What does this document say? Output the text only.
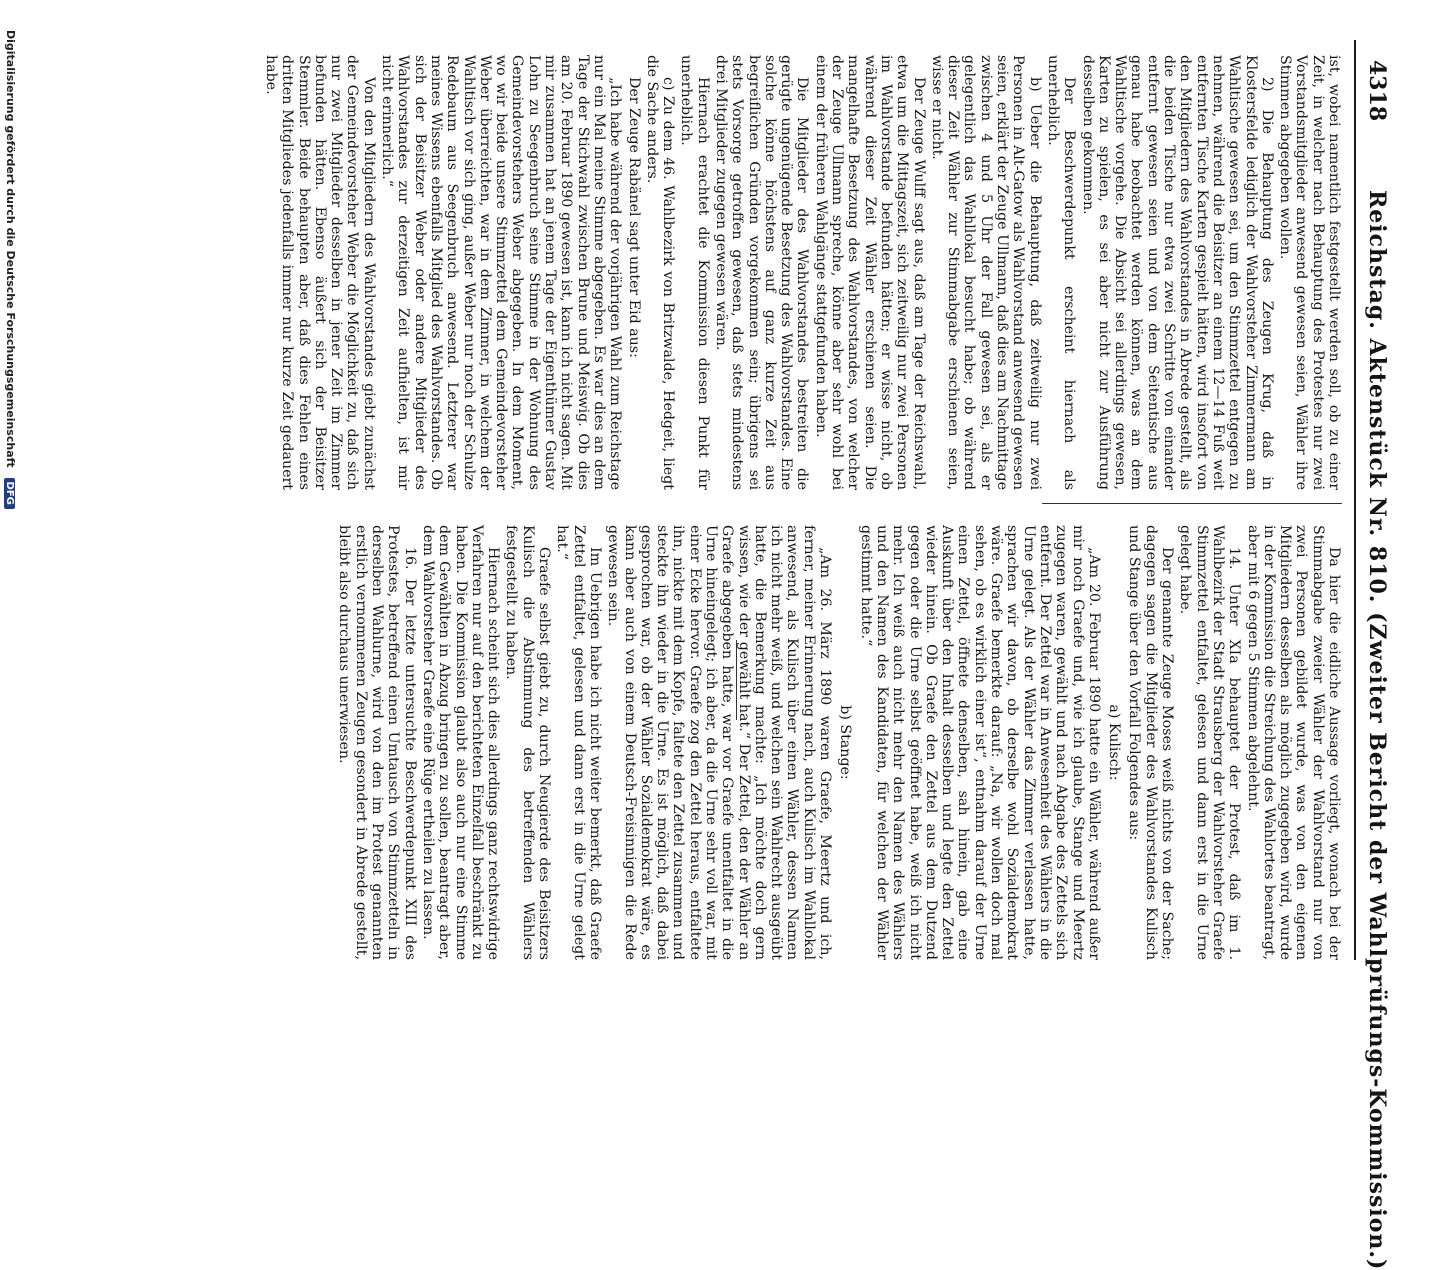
4318
Reichstag. Aktenstück Nr. 810. (Zweiter Bericht der Wahlprüfungs-Kommission.)

ist, wobei namentlich festgestellt werden soll, ob zu einer Zeit, in welcher nach Behauptung des Protestes nur zwei Vorstandsmitglieder anwesend gewesen seien, Wähler ihre Stimmen abgegeben wollen.

2) Die Behauptung des Zeugen Krug, daß in Klostersfelde lediglich der Wahlvorsteher Zimmermann am Wahltische gewesen sei, um den Stimmzettel entgegen zu nehmen, während die Beisitzer an einem 12—14 Fuß weit entfernten Tische Karten gespielt hätten, wird insofort von den Mitgliedern des Wahlvorstandes in Abrede gestellt, als die beiden Tische nur etwa zwei Schritte von einander entfernt gewesen seien und von dem Seitentische aus genau habe beobachtet werden können, was an dem Wahltische vorgehe. Die Absicht sei allerdings gewesen, Karten zu spielen, es sei aber nicht zur Ausführung desselben gekommen.

Der Beschwerdepunkt erscheint hiernach als unerheblich.

b) Ueber die Behauptung, daß zeitweilig nur zwei Personen in Alt-Gatow als Wahlvorstand anwesend gewesen seien, erklärt der Zeuge Ullmann, daß dies am Nachmittage zwischen 4 und 5 Uhr der Fall gewesen sei, als er gelegentlich das Wahllokal besucht habe; ob während dieser Zeit Wähler zur Stimmabgabe erschienen seien, wisse er nicht.

Der Zeuge Wulff sagt aus, daß am Tage der Reichswahl, etwa um die Mittagszeit, sich zeitweilig nur zwei Personen im Wahlvorstande befunden hätten; er wisse nicht, ob während dieser Zeit Wähler erschienen seien. Die mangelhafte Besetzung des Wahlvorstandes, von welcher der Zeuge Ullmann spreche, könne aber sehr wohl bei einem der früheren Wahlgänge stattgefunden haben.

Die Mitglieder des Wahlvorstandes bestreiten die gerügte ungenügende Besetzung des Wahlvorstandes. Eine solche könne höchstens auf ganz kurze Zeit aus begreiflichen Gründen vorgekommen sein; übrigens sei stets Vorsorge getroffen gewesen, daß stets mindestens drei Mitglieder zugegen gewesen wären.

Hiernach erachtet die Kommission diesen Punkt für unerheblich.

c) Zu dem 46. Wahlbezirk von Britzwalde, Hedgeit, liegt die Sache anders.

Der Zeuge Rabänel sagt unter Eid aus:

„Ich habe während der vorjährigen Wahl zum Reichstage nur ein Mal meine Stimme abgegeben. Es war dies an dem Tage der Stichwahl zwischen Brune und Meiswig. Ob dies am 20. Februar 1890 gewesen ist, kann ich nicht sagen. Mit mir zusammen hat an jenem Tage der Eigenthümer Gustav Lohn zu Seegenbruch seine Stimme in der Wohnung des Gemeindevorstehers Weber abgegeben. In dem Moment, wo wir beide unsere Stimmzettel dem Gemeindevorsteher Weber überreichten, war in dem Zimmer, in welchem der Wahltisch vor sich ging, außer Weber nur noch der Schulze Redebaum aus Seegenbruch anwesend. Letzterer war meines Wissens ebenfalls Mitglied des Wahlvorstandes. Ob sich der Beisitzer Weber oder andere Mitglieder des Wahlvorstandes zur derzeitigen Zeit aufhielten, ist mir nicht erinnerlich.“

Von den Mitgliedern des Wahlvorstandes giebt zunächst der Gemeindevorsteher Weber die Möglichkeit zu, daß sich nur zwei Mitglieder desselben in jener Zeit im Zimmer befunden hätten. Ebenso äußert sich der Beisitzer Stemmler. Beide behaupten aber, daß dies Fehlen eines dritten Mitgliedes jedenfalls immer nur kurze Zeit gedauert habe.

Da hier die eidliche Aussage vorliegt, wonach bei der Stimmabgabe zweier Wähler der Wahlvorstand nur von zwei Personen gebildet wurde, was von den eigenen Mitgliedern desselben als möglich zugegeben wird, wurde in der Kommission die Streichung des Wahlortes beantragt, aber mit 6 gegen 5 Stimmen abgelehnt.

14. Unter XIa behauptet der Protest, daß im 1. Wahlbezirk der Stadt Strausberg der Wahlvorsteher Graefe Stimmzettel entfaltet, gelesen und dann erst in die Urne gelegt habe.

Der genannte Zeuge Moses weiß nichts von der Sache; dagegen sagen die Mitglieder des Wahlvorstandes Kulisch und Stange über den Vorfall Folgendes aus:

a) Kulisch:

„Am 20. Februar 1890 hatte ein Wähler, während außer mir noch Graefe und, wie ich glaube, Stange und Meertz zugegen waren, gewählt und nach Abgabe des Zettels sich entfernt. Der Zettel war in Anwesenheit des Wählers in die Urne gelegt. Als der Wähler das Zimmer verlassen hatte, sprachen wir davon, ob derselbe wohl Sozialdemokrat wäre. Graefe bemerkte darauf: „Na, wir wollen doch mal sehen, ob es wirklich einer ist“, entnahm darauf der Urne einen Zettel, öffnete denselben, sah hinein, gab eine Auskunft über den Inhalt desselben und legte den Zettel wieder hinein. Ob Graefe den Zettel aus dem Dutzend gegen oder die Urne selbst geöffnet habe, weiß ich nicht mehr. Ich weiß auch nicht mehr den Namen des Wählers und den Namen des Kandidaten, für welchen der Wähler gestimmt hatte.“

b) Stange:

„Am 26. März 1890 waren Graefe, Meertz und ich, ferner, meiner Erinnerung nach, auch Kulisch im Wahllokal anwesend, als Kulisch über einen Wähler, dessen Namen ich nicht mehr weiß, und welchen sein Wahlrecht ausgeübt hatte, die Bemerkung machte: „Ich möchte doch gern wissen, wie der gewählt hat.“ Der Zettel, den der Wähler an Graefe abgegeben hatte, war vor Graefe unentfaltet in die Urne hineingelegt; ich aber, da die Urne sehr voll war, mit einer Ecke hervor. Graefe zog den Zettel heraus, entfaltete ihn, nickte mit dem Kopfe, faltete den Zettel zusammen und steckte ihn wieder in die Urne. Es ist möglich, daß dabei gesprochen war, ob der Wähler Sozialdemokrat wäre, es kann aber auch von einem Deutsch-Freisinnigen die Rede gewesen sein.

Im Uebrigen habe ich nicht weiter bemerkt, daß Graefe Zettel entfaltet, gelesen und dann erst in die Urne gelegt hat.“

Graefe selbst giebt zu, durch Neugierde des Beisitzers Kulisch die Abstimmung des betreffenden Wählers festgestellt zu haben.

Hiernach scheint sich dies allerdings ganz rechtswidrige Verfahren nur auf den berichteten Einzelfall beschränkt zu haben. Die Kommission glaubt also auch nur eine Stimme dem Gewählten in Abzug bringen zu sollen, beantragt aber, dem Wahlvorsteher Graefe eine Rüge ertheilen zu lassen.

16. Der letzte untersuchte Beschwerdepunkt XIII des Protestes, betreffend einen Umtausch von Stimmzetteln in derselben Wahlurne, wird von den im Protest genannten erstlich vernommenen Zeugen gesondert in Abrede gestellt, bleibt also durchaus unerwiesen.

Digitalisierung gefördert durch die Deutsche Forschungsgemeinschaft DFG
